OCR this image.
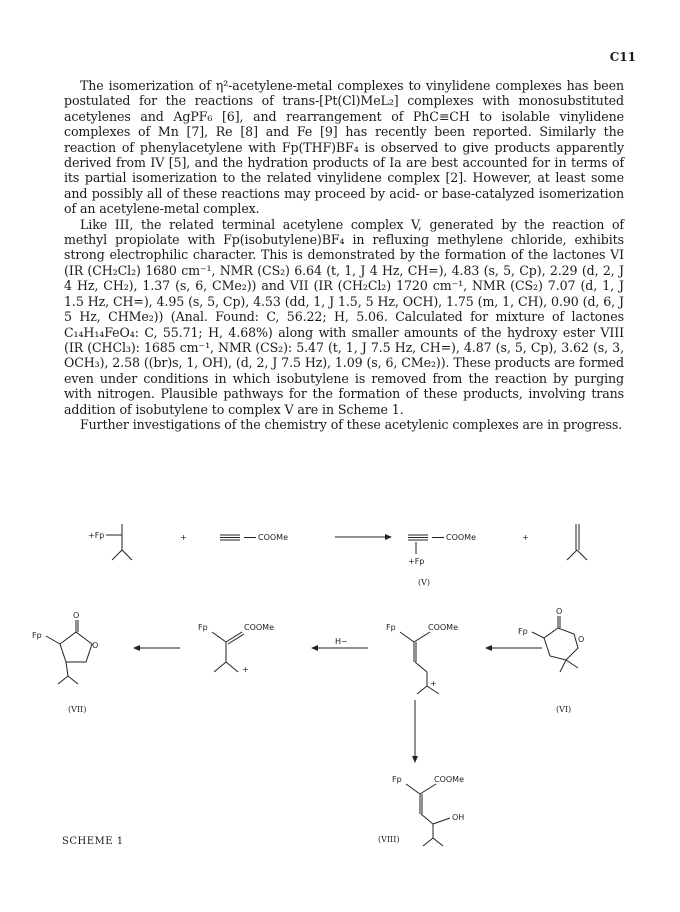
C11

The isomerization of η²-acetylene-metal complexes to vinylidene complexes has been postulated for the reactions of trans-[Pt(Cl)MeL₂] complexes with monosubstituted acetylenes and AgPF₆ [6], and rearrangement of PhC≡CH to isolable vinylidene complexes of Mn [7], Re [8] and Fe [9] has recently been reported. Similarly the reaction of phenylacetylene with Fp(THF)BF₄ is observed to give products apparently derived from IV [5], and the hydration products of Ia are best accounted for in terms of its partial isomerization to the related vinylidene complex [2]. However, at least some and possibly all of these reactions may proceed by acid- or base-catalyzed isomerization of an acetylene-metal complex.

Like III, the related terminal acetylene complex V, generated by the reaction of methyl propiolate with Fp(isobutylene)BF₄ in refluxing methylene chloride, exhibits strong electrophilic character. This is demonstrated by the formation of the lactones VI (IR (CH₂Cl₂) 1680 cm⁻¹, NMR (CS₂) 6.64 (t, 1, J 4 Hz, CH=), 4.83 (s, 5, Cp), 2.29 (d, 2, J 4 Hz, CH₂), 1.37 (s, 6, CMe₂)) and VII (IR (CH₂Cl₂) 1720 cm⁻¹, NMR (CS₂) 7.07 (d, 1, J 1.5 Hz, CH=), 4.95 (s, 5, Cp), 4.53 (dd, 1, J 1.5, 5 Hz, OCH), 1.75 (m, 1, CH), 0.90 (d, 6, J 5 Hz, CHMe₂)) (Anal. Found: C, 56.22; H, 5.06. Calculated for mixture of lactones C₁₄H₁₄FeO₄: C, 55.71; H, 4.68%) along with smaller amounts of the hydroxy ester VIII (IR (CHCl₃): 1685 cm⁻¹, NMR (CS₂): 5.47 (t, 1, J 7.5 Hz, CH=), 4.87 (s, 5, Cp), 3.62 (s, 3, OCH₃), 2.58 ((br)s, 1, OH), (d, 2, J 7.5 Hz), 1.09 (s, 6, CMe₂)). These products are formed even under conditions in which isobutylene is removed from the reaction by purging with nitrogen. Plausible pathways for the formation of these products, involving trans addition of isobutylene to complex V are in Scheme 1.

Further investigations of the chemistry of these acetylenic complexes are in progress.

+Fp	+	COOMe	COOMe
+Fp
(V)
+
Fp
O
O
(VII)
Fp	COOMe
+
H~
Fp	COOMe
+
Fp
O
O
(VI)
Fp	COOMe
OH
(VIII)
SCHEME 1
